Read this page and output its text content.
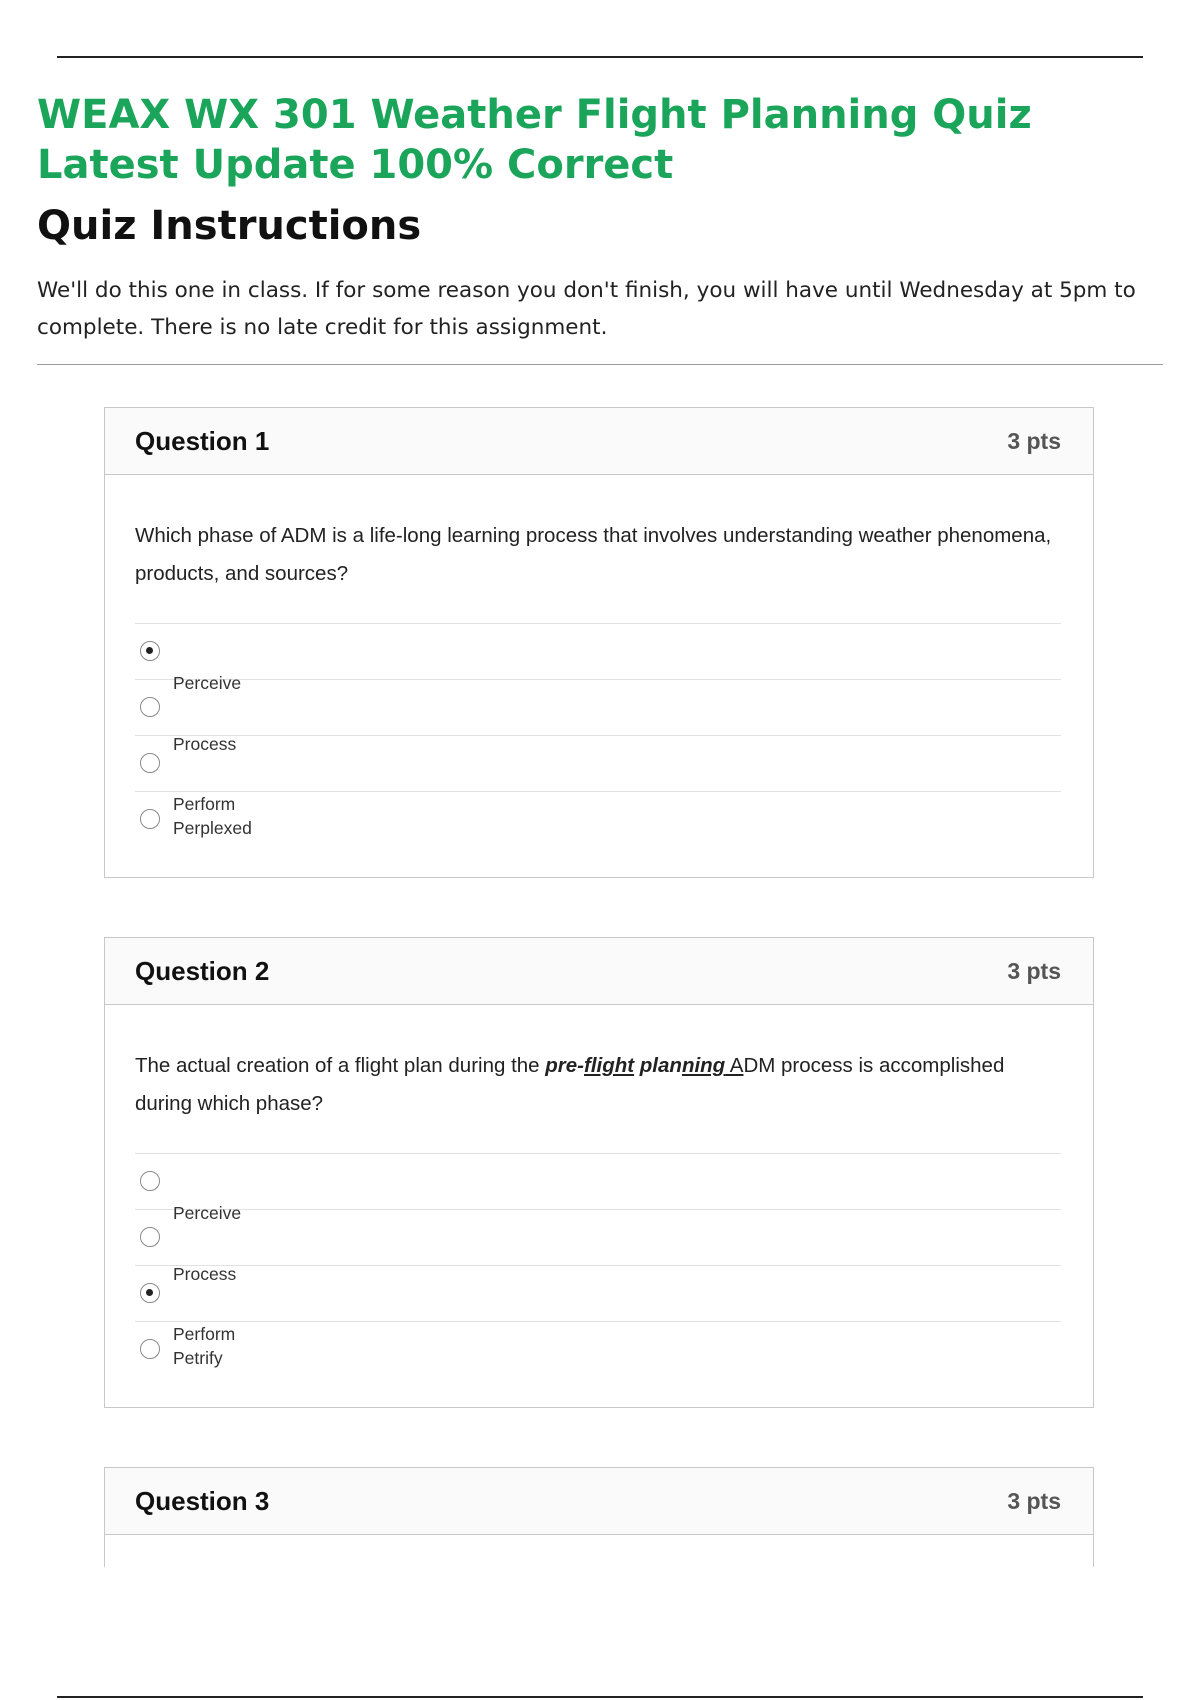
WEAX WX 301 Weather Flight Planning Quiz Latest Update 100% Correct
Quiz Instructions

We'll do this one in class. If for some reason you don't finish, you will have until Wednesday at 5pm to complete. There is no late credit for this assignment.

Question 1	3 pts

Which phase of ADM is a life-long learning process that involves understanding weather phenomena, products, and sources?

Perceive
Process
Perform
Perplexed
Question 2	3 pts

The actual creation of a flight plan during the pre-flight planning ADM process is accomplished during which phase?

Perceive
Process
Perform
Petrify
Question 3	3 pts
